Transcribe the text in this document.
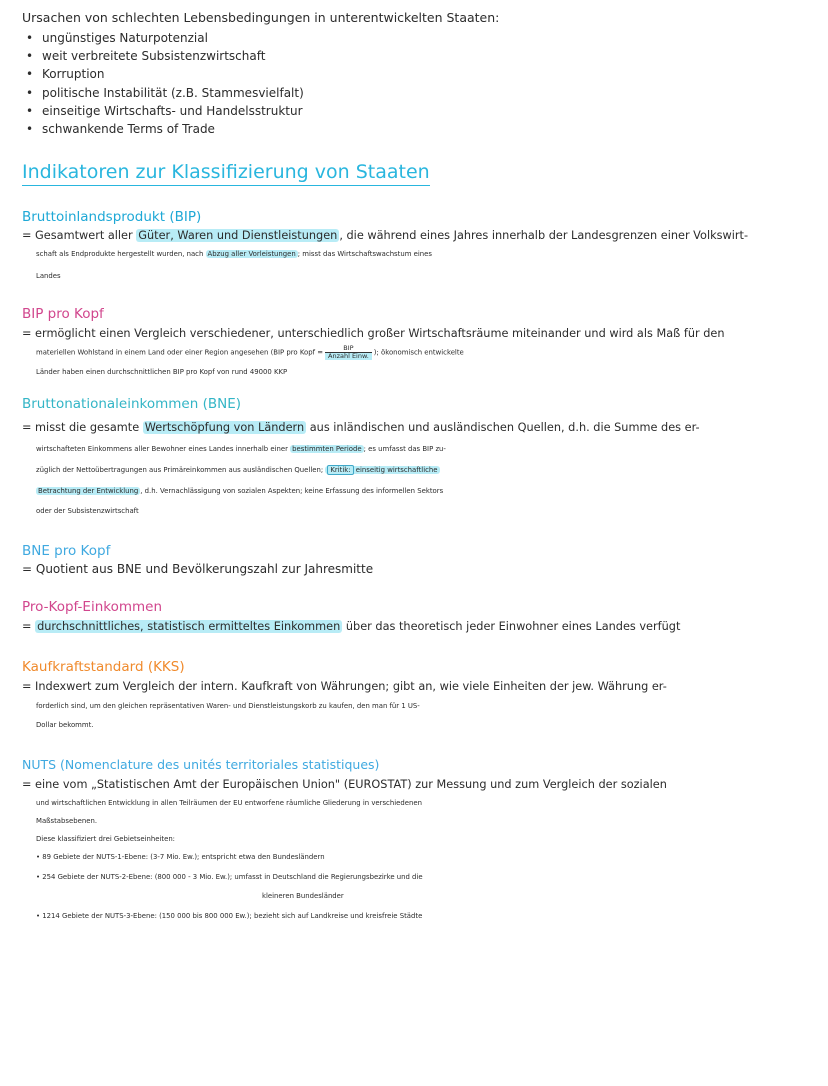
Ursachen von schlechten Lebensbedingungen in unterentwickelten Staaten:

• ungünstiges Naturpotenzial
• weit verbreitete Subsistenzwirtschaft
• Korruption
• politische Instabilität (z.B. Stammesvielfalt)
• einseitige Wirtschafts- und Handelsstruktur
• schwankende Terms of Trade
Indikatoren zur Klassifizierung von Staaten

Bruttoinlandsprodukt (BIP)

= Gesamtwert aller Güter, Waren und Dienstleistungen , die während eines Jahres innerhalb der Landesgrenzen einer Volkswirt-

schaft als Endprodukte hergestellt wurden, nach Abzug aller Vorleistungen ; misst das Wirtschaftswachstum eines

Landes

BIP pro Kopf

= ermöglicht einen Vergleich verschiedener, unterschiedlich großer Wirtschaftsräume miteinander und wird als Maß für den

materiellen Wohlstand in einem Land oder einer Region angesehen (BIP pro Kopf = $\frac{\text{BIP}}{\text{Anzahl Einw.}}$ ); ökonomisch entwickelte

Länder haben einen durchschnittlichen BIP pro Kopf von rund 49000 KKP

Bruttonationaleinkommen (BNE)

= misst die gesamte Wertschöpfung von Ländern aus inländischen und ausländischen Quellen, d.h. die Summe des er-

wirtschafteten Einkommens aller Bewohner eines Landes innerhalb einer bestimmten Periode ; es umfasst das BIP zu-

züglich der Nettoübertragungen aus Primäreinkommen aus ausländischen Quellen; Kritik: einseitig wirtschaftliche

Betrachtung der Entwicklung , d.h. Vernachlässigung von sozialen Aspekten; keine Erfassung des informellen Sektors

oder der Subsistenzwirtschaft

BNE pro Kopf

= Quotient aus BNE und Bevölkerungszahl zur Jahresmitte

Pro-Kopf-Einkommen

= durchschnittliches, statistisch ermitteltes Einkommen über das theoretisch jeder Einwohner eines Landes verfügt

Kaufkraftstandard (KKS)

= Indexwert zum Vergleich der intern. Kaufkraft von Währungen; gibt an, wie viele Einheiten der jew. Währung er-

forderlich sind, um den gleichen repräsentativen Waren- und Dienstleistungskorb zu kaufen, den man für 1 US-

Dollar bekommt.

NUTS (Nomenclature des unités territoriales statistiques)

= eine vom „Statistischen Amt der Europäischen Union" (EUROSTAT) zur Messung und zum Vergleich der sozialen

und wirtschaftlichen Entwicklung in allen Teilräumen der EU entworfene räumliche Gliederung in verschiedenen

Maßstabsebenen.

Diese klassifiziert drei Gebietseinheiten:

• 89 Gebiete der NUTS-1-Ebene: (3-7 Mio. Ew.); entspricht etwa den Bundesländern

• 254 Gebiete der NUTS-2-Ebene: (800 000 - 3 Mio. Ew.); umfasst in Deutschland die Regierungsbezirke und die

kleineren Bundesländer

• 1214 Gebiete der NUTS-3-Ebene: (150 000 bis 800 000 Ew.); bezieht sich auf Landkreise und kreisfreie Städte
